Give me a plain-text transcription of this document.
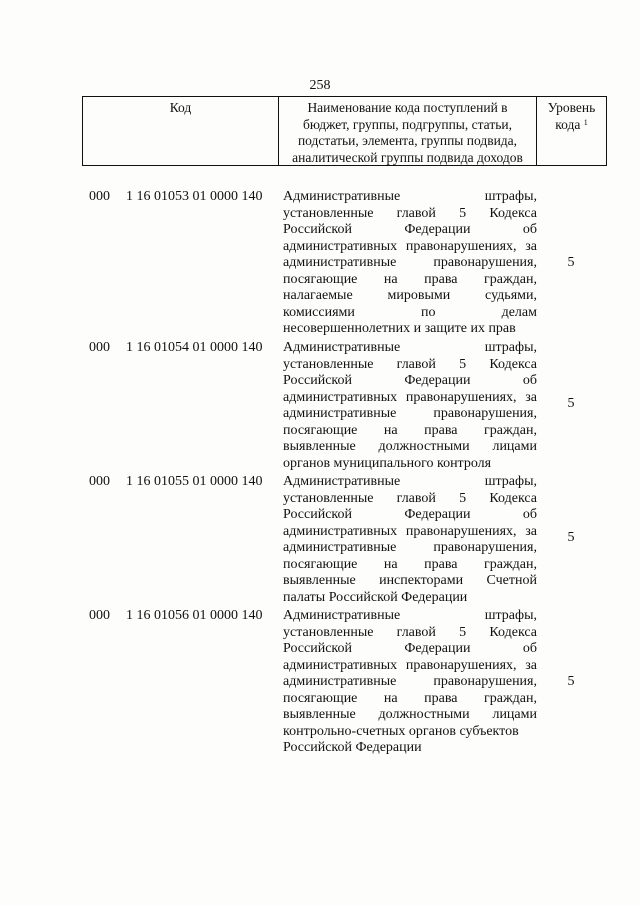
258
Код	Наименование кода поступлений в
бюджет, группы, подгруппы, статьи,
подстатьи, элемента, группы подвида,
аналитической группы подвида доходов
Уровень
кода $^1$
000 1 16 01053 01 0000 140 Административные штрафы,
установленные главой 5 Кодекса
Российской Федерации об
административных правонарушениях, за
административные правонарушения,
посягающие на права граждан,
налагаемые мировыми судьями,
комиссиями по делам
несовершеннолетних и защите их прав
5
000 1 16 01054 01 0000 140 Административные штрафы,
установленные главой 5 Кодекса
Российской Федерации об
административных правонарушениях, за
административные правонарушения,
посягающие на права граждан,
выявленные должностными лицами
органов муниципального контроля
5
000 1 16 01055 01 0000 140 Административные штрафы,
установленные главой 5 Кодекса
Российской Федерации об
административных правонарушениях, за
административные правонарушения,
посягающие на права граждан,
выявленные инспекторами Счетной
палаты Российской Федерации
5
000 1 16 01056 01 0000 140 Административные штрафы,
установленные главой 5 Кодекса
Российской Федерации об
административных правонарушениях, за
административные правонарушения,
посягающие на права граждан,
выявленные должностными лицами
контрольно-счетных органов субъектов
Российской Федерации
5
